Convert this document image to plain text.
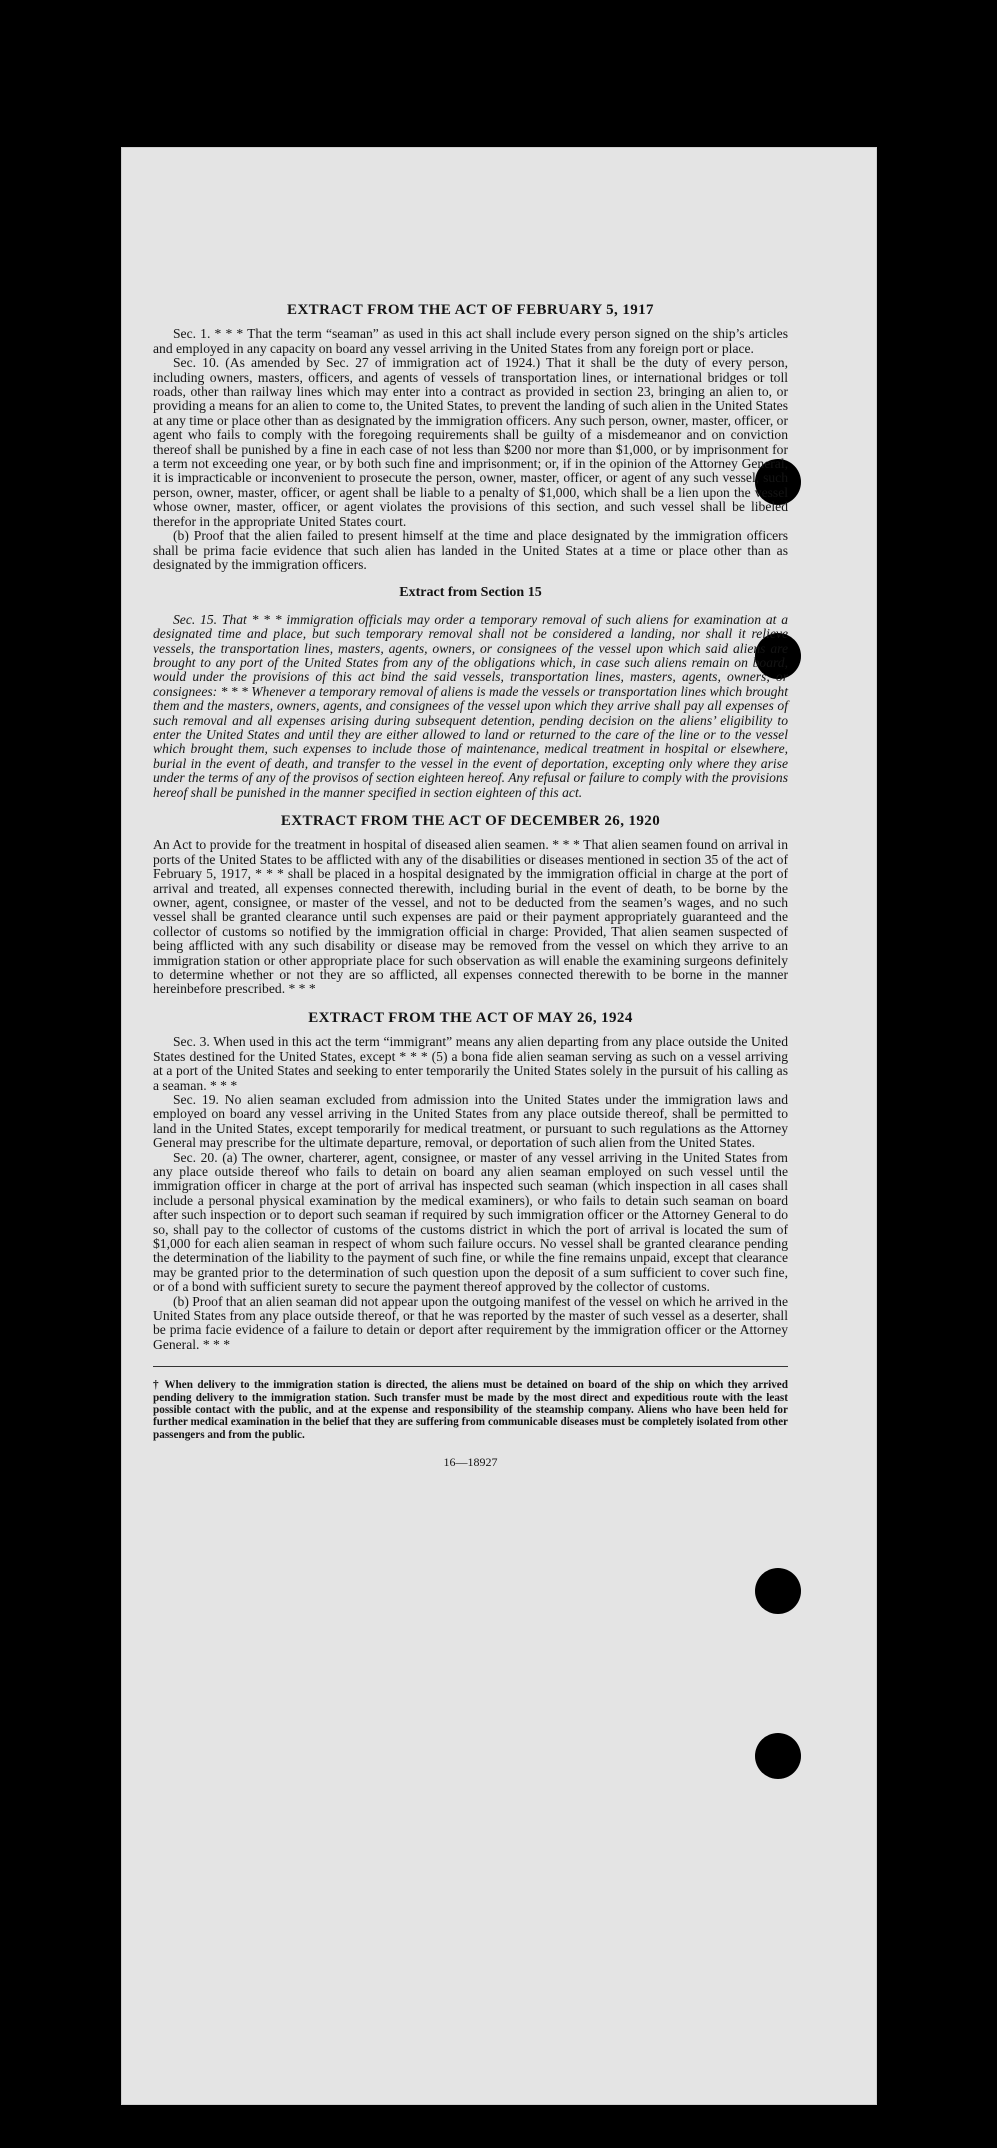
EXTRACT FROM THE ACT OF FEBRUARY 5, 1917

Sec. 1. * * * That the term “seaman” as used in this act shall include every person signed on the ship’s articles and employed in any capacity on board any vessel arriving in the United States from any foreign port or place.

Sec. 10. (As amended by Sec. 27 of immigration act of 1924.) That it shall be the duty of every person, including owners, masters, officers, and agents of vessels of transportation lines, or international bridges or toll roads, other than railway lines which may enter into a contract as provided in section 23, bringing an alien to, or providing a means for an alien to come to, the United States, to prevent the landing of such alien in the United States at any time or place other than as designated by the immigration officers. Any such person, owner, master, officer, or agent who fails to comply with the foregoing requirements shall be guilty of a misdemeanor and on conviction thereof shall be punished by a fine in each case of not less than $200 nor more than $1,000, or by imprisonment for a term not exceeding one year, or by both such fine and imprisonment; or, if in the opinion of the Attorney General, it is impracticable or inconvenient to prosecute the person, owner, master, officer, or agent of any such vessel, such person, owner, master, officer, or agent shall be liable to a penalty of $1,000, which shall be a lien upon the vessel whose owner, master, officer, or agent violates the provisions of this section, and such vessel shall be libeled therefor in the appropriate United States court.

(b) Proof that the alien failed to present himself at the time and place designated by the immigration officers shall be prima facie evidence that such alien has landed in the United States at a time or place other than as designated by the immigration officers.

Extract from Section 15

Sec. 15. That * * * immigration officials may order a temporary removal of such aliens for examination at a designated time and place, but such temporary removal shall not be considered a landing, nor shall it relieve vessels, the transportation lines, masters, agents, owners, or consignees of the vessel upon which said aliens are brought to any port of the United States from any of the obligations which, in case such aliens remain on board, would under the provisions of this act bind the said vessels, transportation lines, masters, agents, owners, or consignees: * * * Whenever a temporary removal of aliens is made the vessels or transportation lines which brought them and the masters, owners, agents, and consignees of the vessel upon which they arrive shall pay all expenses of such removal and all expenses arising during subsequent detention, pending decision on the aliens’ eligibility to enter the United States and until they are either allowed to land or returned to the care of the line or to the vessel which brought them, such expenses to include those of maintenance, medical treatment in hospital or elsewhere, burial in the event of death, and transfer to the vessel in the event of deportation, excepting only where they arise under the terms of any of the provisos of section eighteen hereof. Any refusal or failure to comply with the provisions hereof shall be punished in the manner specified in section eighteen of this act.

EXTRACT FROM THE ACT OF DECEMBER 26, 1920

An Act to provide for the treatment in hospital of diseased alien seamen. * * * That alien seamen found on arrival in ports of the United States to be afflicted with any of the disabilities or diseases mentioned in section 35 of the act of February 5, 1917, * * * shall be placed in a hospital designated by the immigration official in charge at the port of arrival and treated, all expenses connected therewith, including burial in the event of death, to be borne by the owner, agent, consignee, or master of the vessel, and not to be deducted from the seamen’s wages, and no such vessel shall be granted clearance until such expenses are paid or their payment appropriately guaranteed and the collector of customs so notified by the immigration official in charge: Provided, That alien seamen suspected of being afflicted with any such disability or disease may be removed from the vessel on which they arrive to an immigration station or other appropriate place for such observation as will enable the examining surgeons definitely to determine whether or not they are so afflicted, all expenses connected therewith to be borne in the manner hereinbefore prescribed. * * *

EXTRACT FROM THE ACT OF MAY 26, 1924

Sec. 3. When used in this act the term “immigrant” means any alien departing from any place outside the United States destined for the United States, except * * * (5) a bona fide alien seaman serving as such on a vessel arriving at a port of the United States and seeking to enter temporarily the United States solely in the pursuit of his calling as a seaman. * * *

Sec. 19. No alien seaman excluded from admission into the United States under the immigration laws and employed on board any vessel arriving in the United States from any place outside thereof, shall be permitted to land in the United States, except temporarily for medical treatment, or pursuant to such regulations as the Attorney General may prescribe for the ultimate departure, removal, or deportation of such alien from the United States.

Sec. 20. (a) The owner, charterer, agent, consignee, or master of any vessel arriving in the United States from any place outside thereof who fails to detain on board any alien seaman employed on such vessel until the immigration officer in charge at the port of arrival has inspected such seaman (which inspection in all cases shall include a personal physical examination by the medical examiners), or who fails to detain such seaman on board after such inspection or to deport such seaman if required by such immigration officer or the Attorney General to do so, shall pay to the collector of customs of the customs district in which the port of arrival is located the sum of $1,000 for each alien seaman in respect of whom such failure occurs. No vessel shall be granted clearance pending the determination of the liability to the payment of such fine, or while the fine remains unpaid, except that clearance may be granted prior to the determination of such question upon the deposit of a sum sufficient to cover such fine, or of a bond with sufficient surety to secure the payment thereof approved by the collector of customs.

(b) Proof that an alien seaman did not appear upon the outgoing manifest of the vessel on which he arrived in the United States from any place outside thereof, or that he was reported by the master of such vessel as a deserter, shall be prima facie evidence of a failure to detain or deport after requirement by the immigration officer or the Attorney General. * * *

† When delivery to the immigration station is directed, the aliens must be detained on board of the ship on which they arrived pending delivery to the immigration station. Such transfer must be made by the most direct and expeditious route with the least possible contact with the public, and at the expense and responsibility of the steamship company. Aliens who have been held for further medical examination in the belief that they are suffering from communicable diseases must be completely isolated from other passengers and from the public.

16—18927
